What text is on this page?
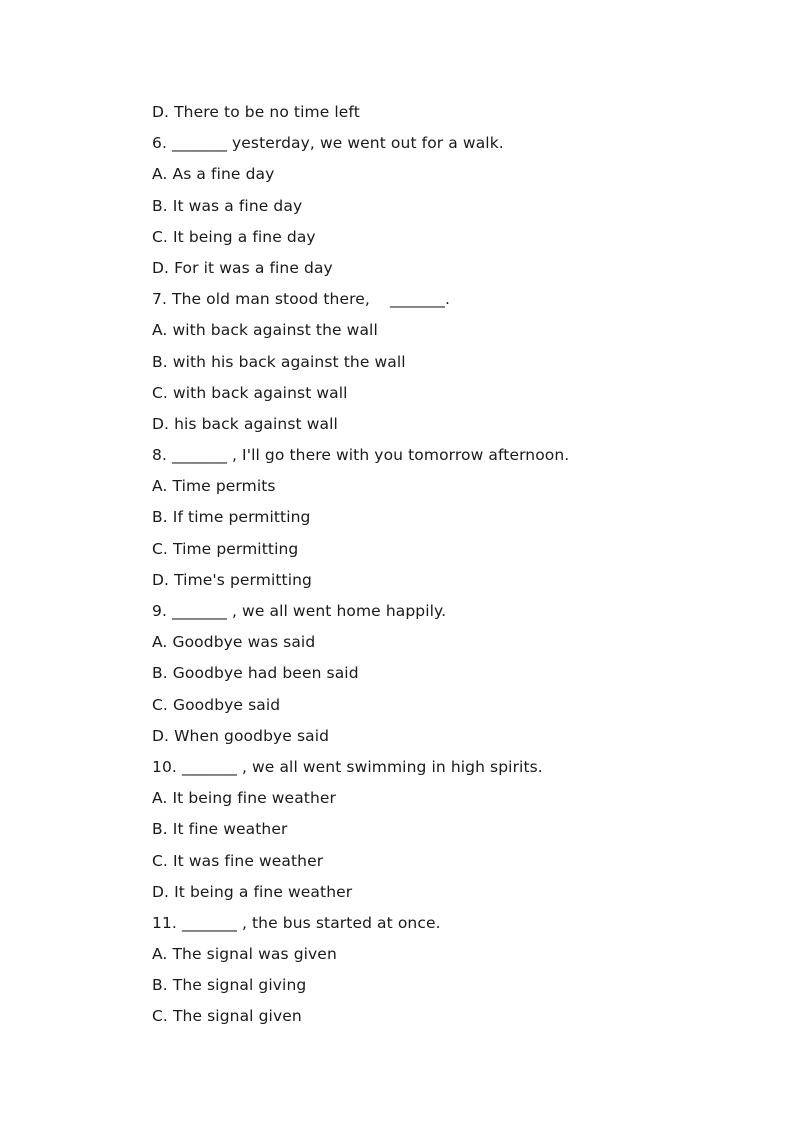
D. There to be no time left
6. _______ yesterday, we went out for a walk.
A. As a fine day
B. It was a fine day
C. It being a fine day
D. For it was a fine day
7. The old man stood there,    _______.
A. with back against the wall
B. with his back against the wall
C. with back against wall
D. his back against wall
8. _______ , I'll go there with you tomorrow afternoon.
A. Time permits
B. If time permitting
C. Time permitting
D. Time's permitting
9. _______ , we all went home happily.
A. Goodbye was said
B. Goodbye had been said
C. Goodbye said
D. When goodbye said
10. _______ , we all went swimming in high spirits.
A. It being fine weather
B. It fine weather
C. It was fine weather
D. It being a fine weather
11. _______ , the bus started at once.
A. The signal was given
B. The signal giving
C. The signal given
